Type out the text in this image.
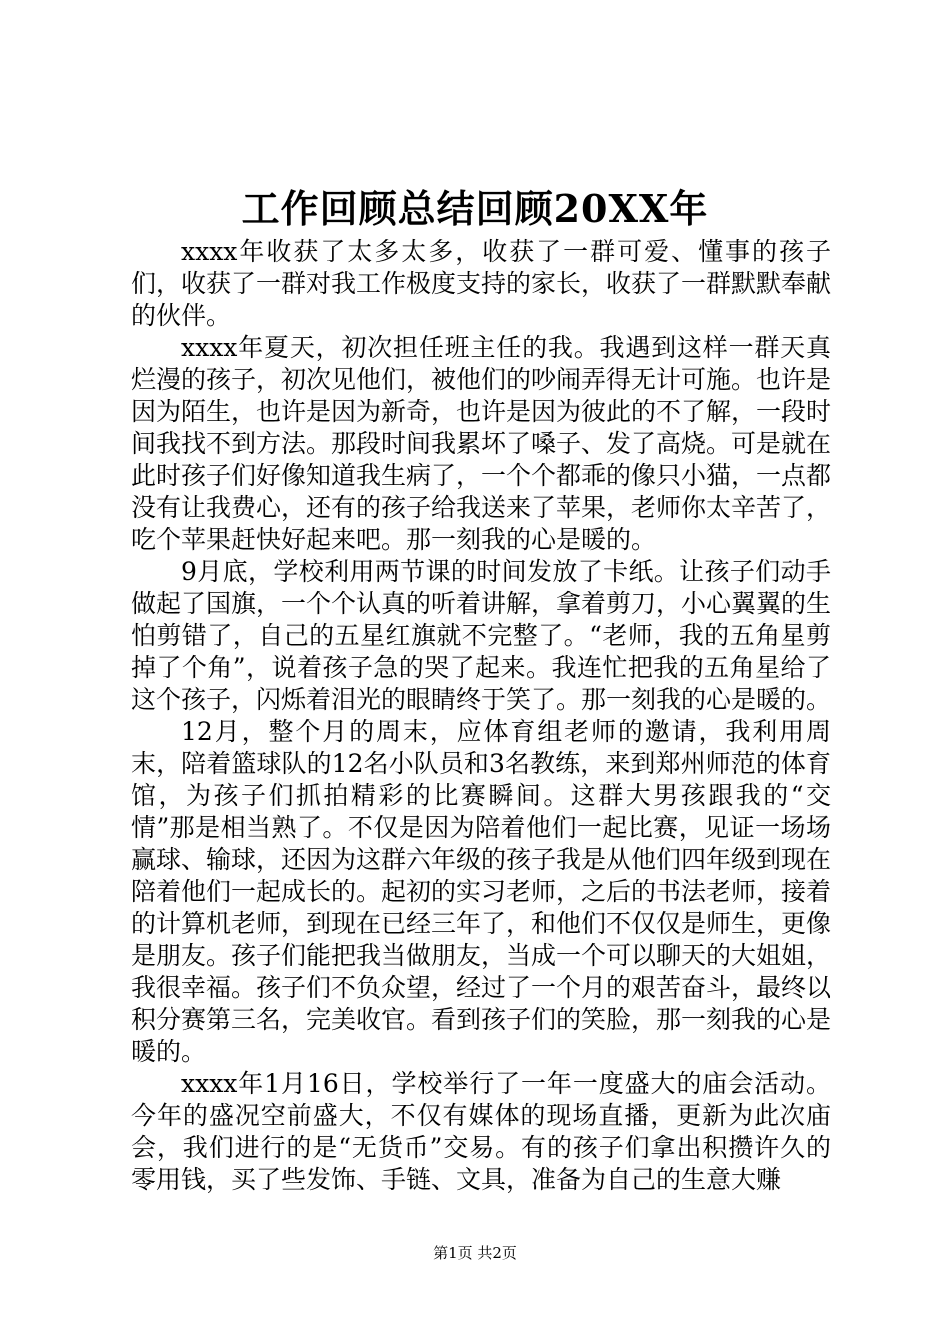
工作回顾总结回顾20XX年

xxxx年收获了太多太多，收获了一群可爱、懂事的孩子们，收获了一群对我工作极度支持的家长，收获了一群默默奉献的伙伴。

xxxx年夏天，初次担任班主任的我。我遇到这样一群天真烂漫的孩子，初次见他们，被他们的吵闹弄得无计可施。也许是因为陌生，也许是因为新奇，也许是因为彼此的不了解，一段时间我找不到方法。那段时间我累坏了嗓子、发了高烧。可是就在此时孩子们好像知道我生病了，一个个都乖的像只小猫，一点都没有让我费心，还有的孩子给我送来了苹果，老师你太辛苦了，吃个苹果赶快好起来吧。那一刻我的心是暖的。

9月底，学校利用两节课的时间发放了卡纸。让孩子们动手做起了国旗，一个个认真的听着讲解，拿着剪刀，小心翼翼的生怕剪错了，自己的五星红旗就不完整了。“老师，我的五角星剪掉了个角”，说着孩子急的哭了起来。我连忙把我的五角星给了这个孩子，闪烁着泪光的眼睛终于笑了。那一刻我的心是暖的。

12月，整个月的周末，应体育组老师的邀请，我利用周末，陪着篮球队的12名小队员和3名教练，来到郑州师范的体育馆，为孩子们抓拍精彩的比赛瞬间。这群大男孩跟我的“交情”那是相当熟了。不仅是因为陪着他们一起比赛，见证一场场赢球、输球，还因为这群六年级的孩子我是从他们四年级到现在陪着他们一起成长的。起初的实习老师，之后的书法老师，接着的计算机老师，到现在已经三年了，和他们不仅仅是师生，更像是朋友。孩子们能把我当做朋友，当成一个可以聊天的大姐姐，我很幸福。孩子们不负众望，经过了一个月的艰苦奋斗，最终以积分赛第三名，完美收官。看到孩子们的笑脸，那一刻我的心是暖的。

xxxx年1月16日，学校举行了一年一度盛大的庙会活动。今年的盛况空前盛大，不仅有媒体的现场直播，更新为此次庙会，我们进行的是“无货币”交易。有的孩子们拿出积攒许久的零用钱，买了些发饰、手链、文具，准备为自己的生意大赚

第1页 共2页
